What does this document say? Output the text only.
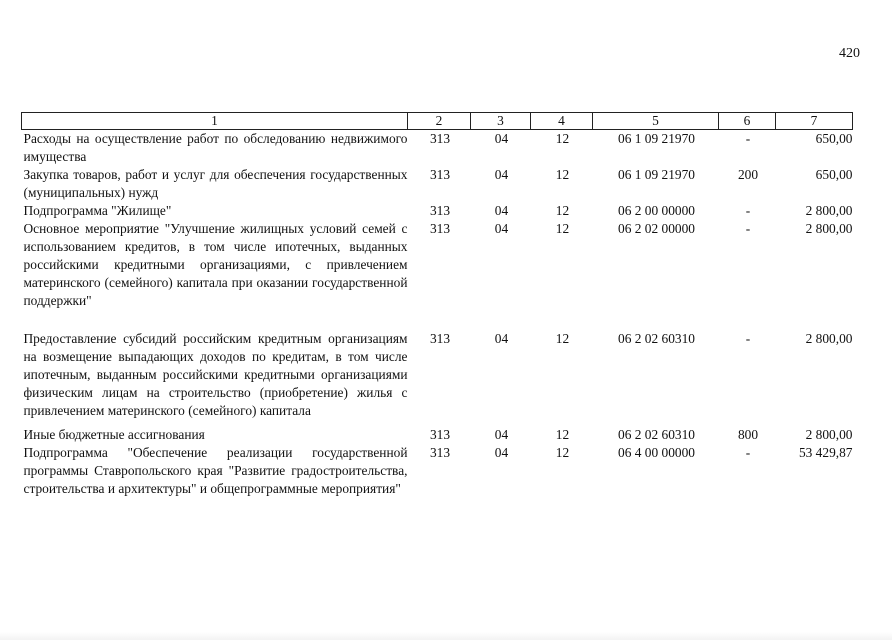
420
1	2	3	4	5	6	7
Расходы на осуществление работ по обследованию недвижимого имущества	313	04	12	06 1 09 21970	-	650,00
Закупка товаров, работ и услуг для обеспечения государственных (муниципальных) нужд	313	04	12	06 1 09 21970	200	650,00
Подпрограмма "Жилище"	313	04	12	06 2 00 00000	-	2 800,00
Основное мероприятие "Улучшение жилищных условий семей с использованием кредитов, в том числе ипотечных, выданных российскими кредитными организациями, с привлечением материнского (семейного) капитала при оказании государственной поддержки"	313	04	12	06 2 02 00000	-	2 800,00

Предоставление субсидий российским кредитным организациям на возмещение выпадающих доходов по кредитам, в том числе ипотечным, выданным российскими кредитными организациями физическим лицам на строительство (приобретение) жилья с привлечением материнского (семейного) капитала	313	04	12	06 2 02 60310	-	2 800,00

Иные бюджетные ассигнования	313	04	12	06 2 02 60310	800	2 800,00
Подпрограмма "Обеспечение реализации государственной программы Ставропольского края "Развитие градостроительства, строительства и архитектуры" и общепрограммные мероприятия"	313	04	12	06 4 00 00000	-	53 429,87
